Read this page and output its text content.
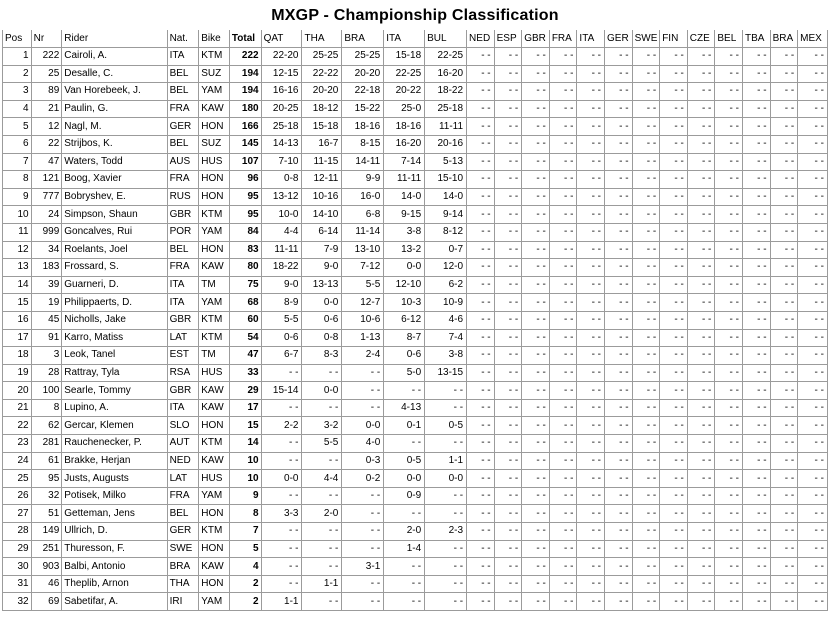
MXGP - Championship Classification
Pos	Nr	Rider	Nat.	Bike	Total	QAT	THA	BRA	ITA	BUL	NED	ESP	GBR	FRA	ITA	GER	SWE	FIN	CZE	BEL	TBA	BRA	MEX
1	222	Cairoli, A.	ITA	KTM	222	22-20	25-25	25-25	15-18	22-25	- -	- -	- -	- -	- -	- -	- -	- -	- -	- -	- -	- -	- -
2	25	Desalle, C.	BEL	SUZ	194	12-15	22-22	20-20	22-25	16-20	- -	- -	- -	- -	- -	- -	- -	- -	- -	- -	- -	- -	- -
3	89	Van Horebeek, J.	BEL	YAM	194	16-16	20-20	22-18	20-22	18-22	- -	- -	- -	- -	- -	- -	- -	- -	- -	- -	- -	- -	- -
4	21	Paulin, G.	FRA	KAW	180	20-25	18-12	15-22	25-0	25-18	- -	- -	- -	- -	- -	- -	- -	- -	- -	- -	- -	- -	- -
5	12	Nagl, M.	GER	HON	166	25-18	15-18	18-16	18-16	11-11	- -	- -	- -	- -	- -	- -	- -	- -	- -	- -	- -	- -	- -
6	22	Strijbos, K.	BEL	SUZ	145	14-13	16-7	8-15	16-20	20-16	- -	- -	- -	- -	- -	- -	- -	- -	- -	- -	- -	- -	- -
7	47	Waters, Todd	AUS	HUS	107	7-10	11-15	14-11	7-14	5-13	- -	- -	- -	- -	- -	- -	- -	- -	- -	- -	- -	- -	- -
8	121	Boog, Xavier	FRA	HON	96	0-8	12-11	9-9	11-11	15-10	- -	- -	- -	- -	- -	- -	- -	- -	- -	- -	- -	- -	- -
9	777	Bobryshev, E.	RUS	HON	95	13-12	10-16	16-0	14-0	14-0	- -	- -	- -	- -	- -	- -	- -	- -	- -	- -	- -	- -	- -
10	24	Simpson, Shaun	GBR	KTM	95	10-0	14-10	6-8	9-15	9-14	- -	- -	- -	- -	- -	- -	- -	- -	- -	- -	- -	- -	- -
11	999	Goncalves, Rui	POR	YAM	84	4-4	6-14	11-14	3-8	8-12	- -	- -	- -	- -	- -	- -	- -	- -	- -	- -	- -	- -	- -
12	34	Roelants, Joel	BEL	HON	83	11-11	7-9	13-10	13-2	0-7	- -	- -	- -	- -	- -	- -	- -	- -	- -	- -	- -	- -	- -
13	183	Frossard, S.	FRA	KAW	80	18-22	9-0	7-12	0-0	12-0	- -	- -	- -	- -	- -	- -	- -	- -	- -	- -	- -	- -	- -
14	39	Guarneri, D.	ITA	TM	75	9-0	13-13	5-5	12-10	6-2	- -	- -	- -	- -	- -	- -	- -	- -	- -	- -	- -	- -	- -
15	19	Philippaerts, D.	ITA	YAM	68	8-9	0-0	12-7	10-3	10-9	- -	- -	- -	- -	- -	- -	- -	- -	- -	- -	- -	- -	- -
16	45	Nicholls, Jake	GBR	KTM	60	5-5	0-6	10-6	6-12	4-6	- -	- -	- -	- -	- -	- -	- -	- -	- -	- -	- -	- -	- -
17	91	Karro, Matiss	LAT	KTM	54	0-6	0-8	1-13	8-7	7-4	- -	- -	- -	- -	- -	- -	- -	- -	- -	- -	- -	- -	- -
18	3	Leok, Tanel	EST	TM	47	6-7	8-3	2-4	0-6	3-8	- -	- -	- -	- -	- -	- -	- -	- -	- -	- -	- -	- -	- -
19	28	Rattray, Tyla	RSA	HUS	33	- -	- -	- -	5-0	13-15	- -	- -	- -	- -	- -	- -	- -	- -	- -	- -	- -	- -	- -
20	100	Searle, Tommy	GBR	KAW	29	15-14	0-0	- -	- -	- -	- -	- -	- -	- -	- -	- -	- -	- -	- -	- -	- -	- -	- -
21	8	Lupino, A.	ITA	KAW	17	- -	- -	- -	4-13	- -	- -	- -	- -	- -	- -	- -	- -	- -	- -	- -	- -	- -	- -
22	62	Gercar, Klemen	SLO	HON	15	2-2	3-2	0-0	0-1	0-5	- -	- -	- -	- -	- -	- -	- -	- -	- -	- -	- -	- -	- -
23	281	Rauchenecker, P.	AUT	KTM	14	- -	5-5	4-0	- -	- -	- -	- -	- -	- -	- -	- -	- -	- -	- -	- -	- -	- -	- -
24	61	Brakke, Herjan	NED	KAW	10	- -	- -	0-3	0-5	1-1	- -	- -	- -	- -	- -	- -	- -	- -	- -	- -	- -	- -	- -
25	95	Justs, Augusts	LAT	HUS	10	0-0	4-4	0-2	0-0	0-0	- -	- -	- -	- -	- -	- -	- -	- -	- -	- -	- -	- -	- -
26	32	Potisek, Milko	FRA	YAM	9	- -	- -	- -	0-9	- -	- -	- -	- -	- -	- -	- -	- -	- -	- -	- -	- -	- -	- -
27	51	Getteman, Jens	BEL	HON	8	3-3	2-0	- -	- -	- -	- -	- -	- -	- -	- -	- -	- -	- -	- -	- -	- -	- -	- -
28	149	Ullrich, D.	GER	KTM	7	- -	- -	- -	2-0	2-3	- -	- -	- -	- -	- -	- -	- -	- -	- -	- -	- -	- -	- -
29	251	Thuresson, F.	SWE	HON	5	- -	- -	- -	1-4	- -	- -	- -	- -	- -	- -	- -	- -	- -	- -	- -	- -	- -	- -
30	903	Balbi, Antonio	BRA	KAW	4	- -	- -	3-1	- -	- -	- -	- -	- -	- -	- -	- -	- -	- -	- -	- -	- -	- -	- -
31	46	Theplib, Arnon	THA	HON	2	- -	1-1	- -	- -	- -	- -	- -	- -	- -	- -	- -	- -	- -	- -	- -	- -	- -	- -
32	69	Sabetifar, A.	IRI	YAM	2	1-1	- -	- -	- -	- -	- -	- -	- -	- -	- -	- -	- -	- -	- -	- -	- -	- -	- -
